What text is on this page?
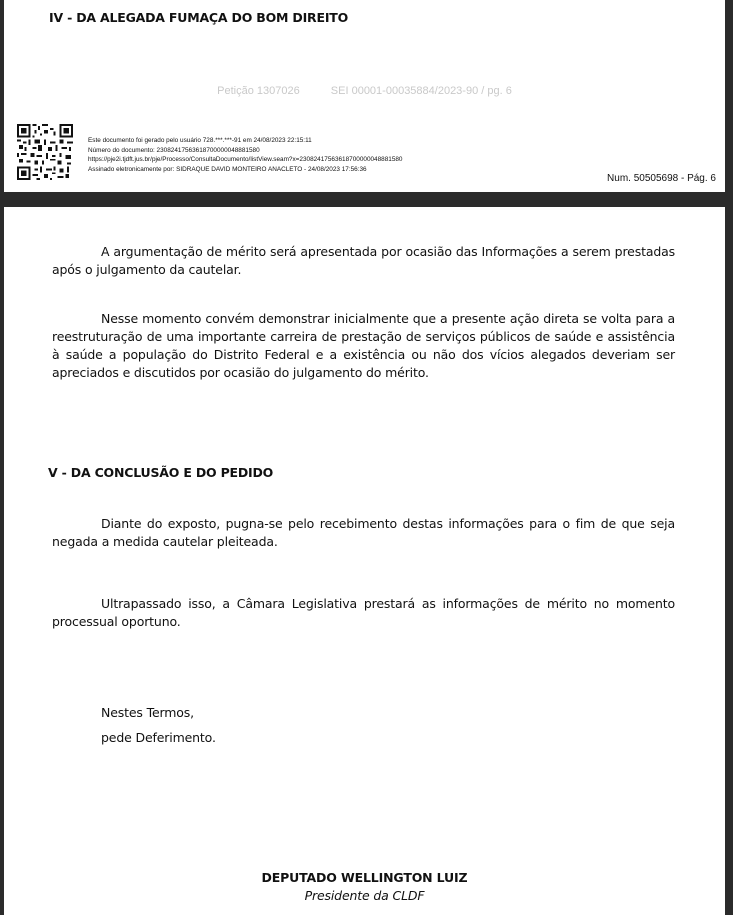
IV - DA ALEGADA FUMAÇA DO BOM DIREITO
Petição 1307026	SEI 00001-00035884/2023-90 / pg. 6
Este documento foi gerado pelo usuário 728.***.***-91 em 24/08/2023 22:15:11
Número do documento: 23082417563618700000048881580
https://pje2i.tjdft.jus.br/pje/Processo/ConsultaDocumento/listView.seam?x=23082417563618700000048881580
Assinado eletronicamente por: SIDRAQUE DAVID MONTEIRO ANACLETO - 24/08/2023 17:56:36
Num. 50505698 - Pág. 6
A argumentação de mérito será apresentada por ocasião das Informações a serem prestadas após o julgamento da cautelar.
Nesse momento convém demonstrar inicialmente que a presente ação direta se volta para a reestruturação de uma importante carreira de prestação de serviços públicos de saúde e assistência à saúde a população do Distrito Federal e a existência ou não dos vícios alegados deveriam ser apreciados e discutidos por ocasião do julgamento do mérito.
V - DA CONCLUSÃO E DO PEDIDO
Diante do exposto, pugna-se pelo recebimento destas informações para o fim de que seja negada a medida cautelar pleiteada.
Ultrapassado isso, a Câmara Legislativa prestará as informações de mérito no momento processual oportuno.
Nestes Termos,
pede Deferimento.
DEPUTADO WELLINGTON LUIZ
Presidente da CLDF
